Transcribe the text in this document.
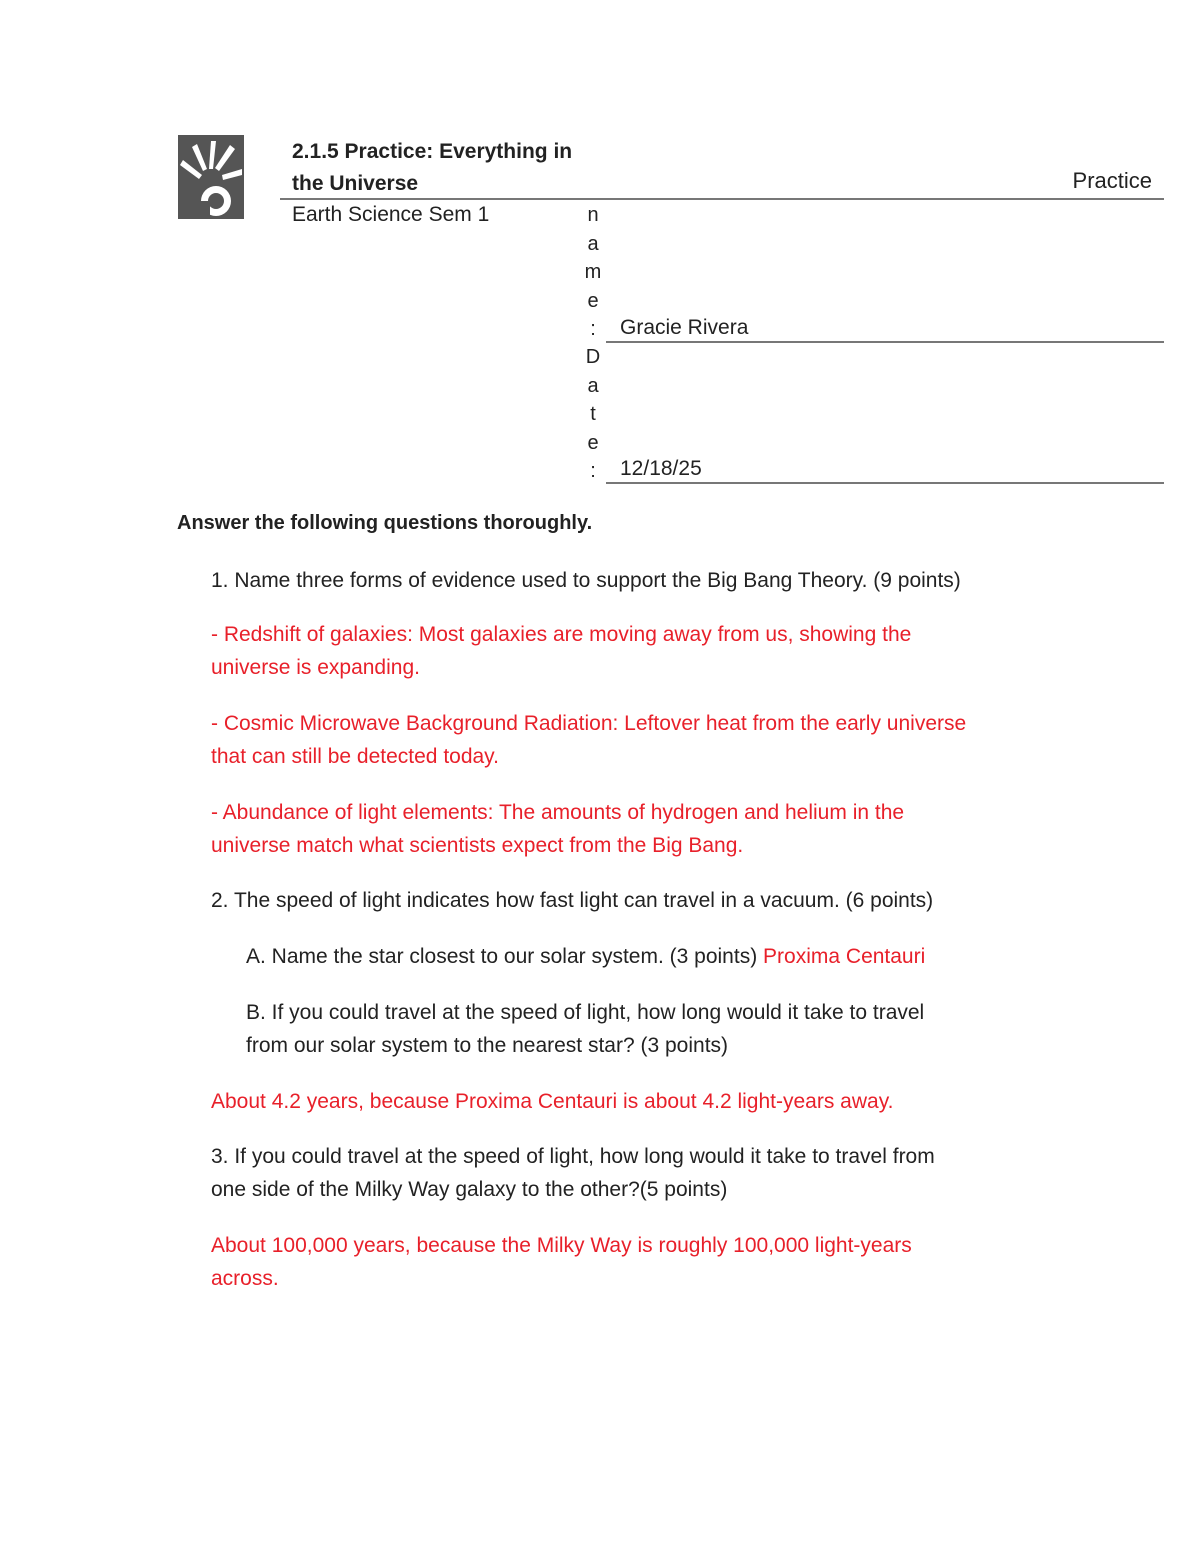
2.1.5 Practice: Everything in
the Universe	Practice
Earth Science Sem 1	n
a
m
e
:	Gracie Rivera
D
a
t
e
:	12/18/25
Answer the following questions thoroughly.
1. Name three forms of evidence used to support the Big Bang Theory. (9 points)
- Redshift of galaxies: Most galaxies are moving away from us, showing the
universe is expanding.
- Cosmic Microwave Background Radiation: Leftover heat from the early universe
that can still be detected today.
- Abundance of light elements: The amounts of hydrogen and helium in the
universe match what scientists expect from the Big Bang.
2. The speed of light indicates how fast light can travel in a vacuum. (6 points)
A. Name the star closest to our solar system. (3 points) Proxima Centauri
B. If you could travel at the speed of light, how long would it take to travel
from our solar system to the nearest star? (3 points)
About 4.2 years, because Proxima Centauri is about 4.2 light-years away.
3. If you could travel at the speed of light, how long would it take to travel from
one side of the Milky Way galaxy to the other?(5 points)
About 100,000 years, because the Milky Way is roughly 100,000 light-years
across.
